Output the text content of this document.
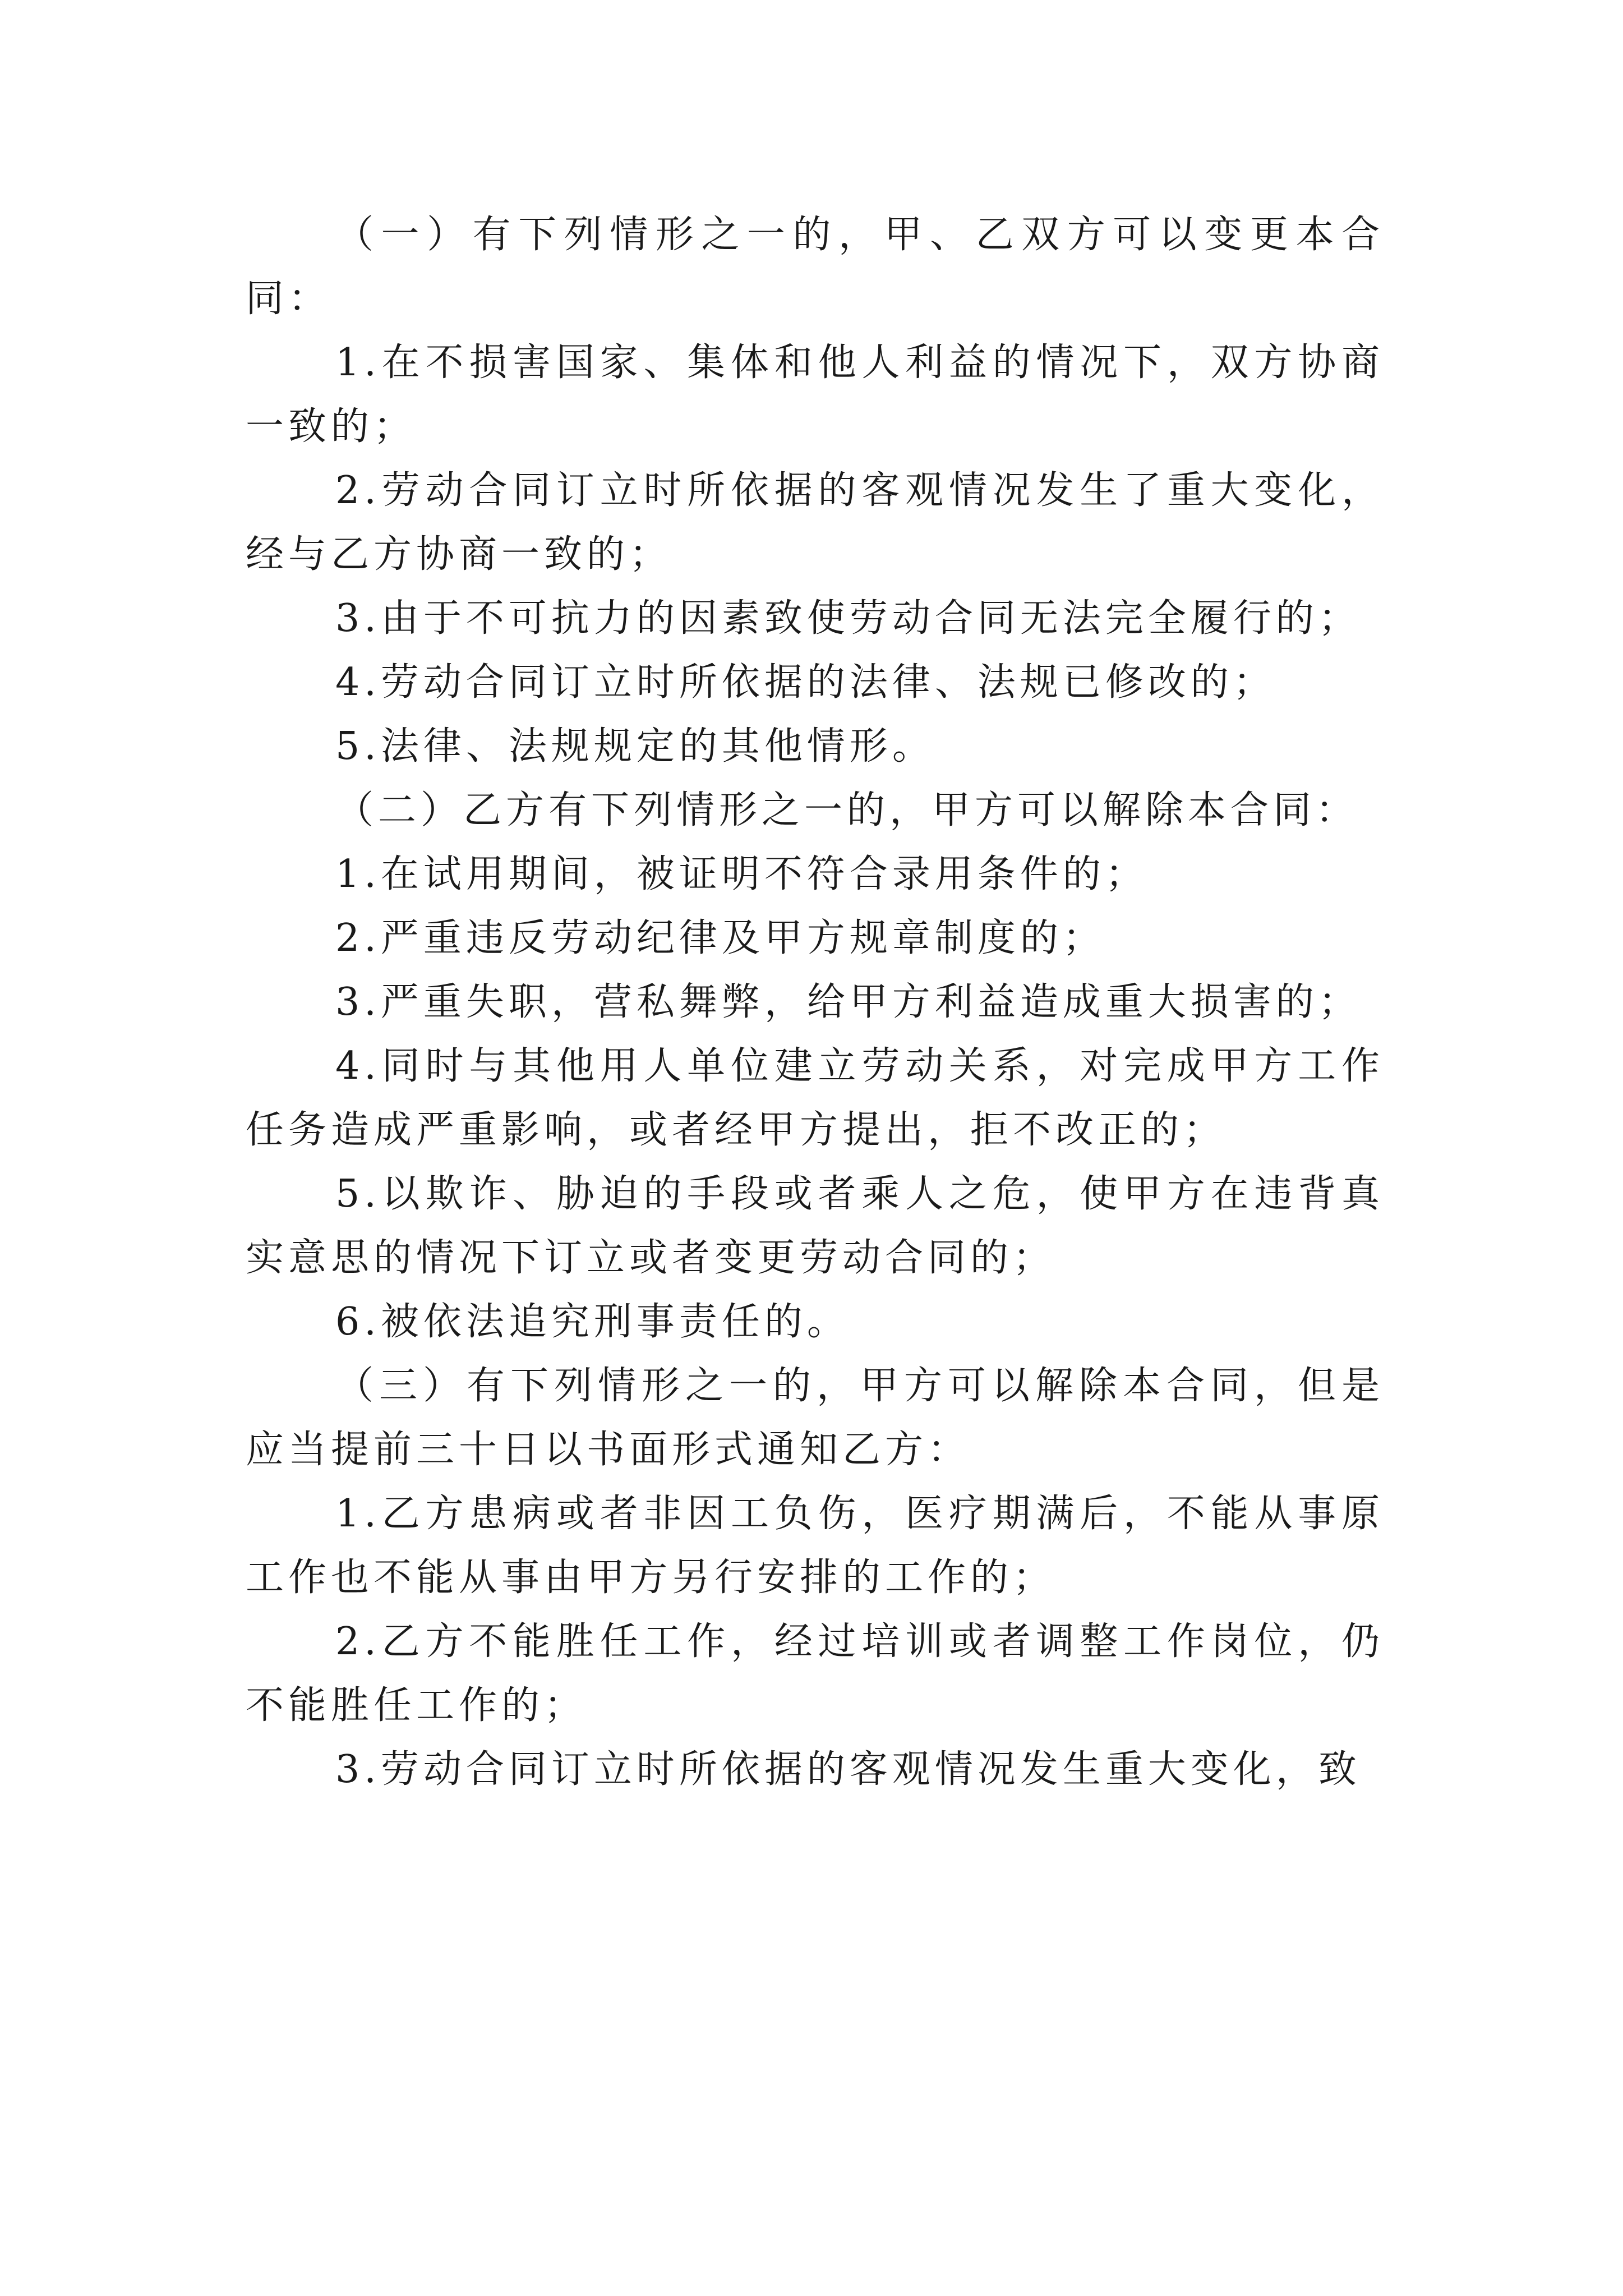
（一）有下列情形之一的，甲、乙双方可以变更本合同：

1.在不损害国家、集体和他人利益的情况下，双方协商一致的；

2.劳动合同订立时所依据的客观情况发生了重大变化，经与乙方协商一致的；

3.由于不可抗力的因素致使劳动合同无法完全履行的；

4.劳动合同订立时所依据的法律、法规已修改的；

5.法律、法规规定的其他情形。

（二）乙方有下列情形之一的，甲方可以解除本合同：

1.在试用期间，被证明不符合录用条件的；

2.严重违反劳动纪律及甲方规章制度的；

3.严重失职，营私舞弊，给甲方利益造成重大损害的；

4.同时与其他用人单位建立劳动关系，对完成甲方工作任务造成严重影响，或者经甲方提出，拒不改正的；

5.以欺诈、胁迫的手段或者乘人之危，使甲方在违背真实意思的情况下订立或者变更劳动合同的；

6.被依法追究刑事责任的。

（三）有下列情形之一的，甲方可以解除本合同，但是应当提前三十日以书面形式通知乙方：

1.乙方患病或者非因工负伤，医疗期满后，不能从事原工作也不能从事由甲方另行安排的工作的；

2.乙方不能胜任工作，经过培训或者调整工作岗位，仍不能胜任工作的；

3.劳动合同订立时所依据的客观情况发生重大变化，致
